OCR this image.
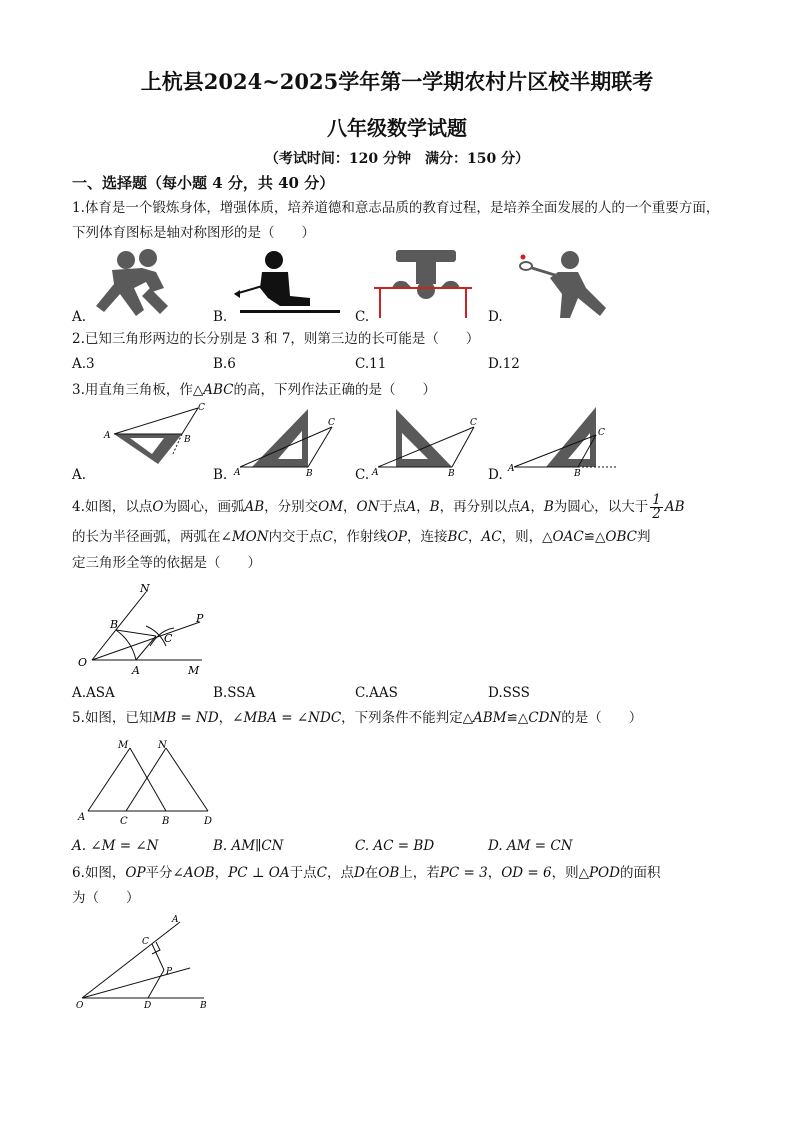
上杭县2024~2025学年第一学期农村片区校半期联考
八年级数学试题
（考试时间：120 分钟　满分：150 分）
一、选择题（每小题 4 分，共 40 分）
1.体育是一个锻炼身体，增强体质，培养道德和意志品质的教育过程，是培养全面发展的人的一个重要方面，
下列体育图标是轴对称图形的是（　　）
A.	B.	C.	D.
2.已知三角形两边的长分别是 3 和 7，则第三边的长可能是（　　）
A.3	B.6	C.11	D.12
3.用直角三角板，作△ABC的高，下列作法正确的是（　　）
A	B
C
A	B
C
A	B
C
A	B
C
A.	B.	C.	D.
4.如图，以点O为圆心，画弧AB，分别交OM，ON于点A，B，再分别以点A，B为圆心，以大于 $\frac{1}{2}$ AB
的长为半径画弧，两弧在∠MON内交于点C，作射线OP，连接BC，AC，则，△OAC≌△OBC判
定三角形全等的依据是（　　）
N
B	P
C
O
A	M
A.ASA	B.SSA	C.AAS	D.SSS
5.如图，已知MB = ND，∠MBA = ∠NDC，下列条件不能判定△ABM≌△CDN的是（　　）
M	N
A	C	B	D
A. ∠M = ∠N	B. AM∥CN	C. AC = BD	D. AM = CN
6.如图，OP平分∠AOB，PC ⊥ OA于点C，点D在OB上，若PC = 3，OD = 6，则△POD的面积
为（　　）
A
C
P
O	D	B
